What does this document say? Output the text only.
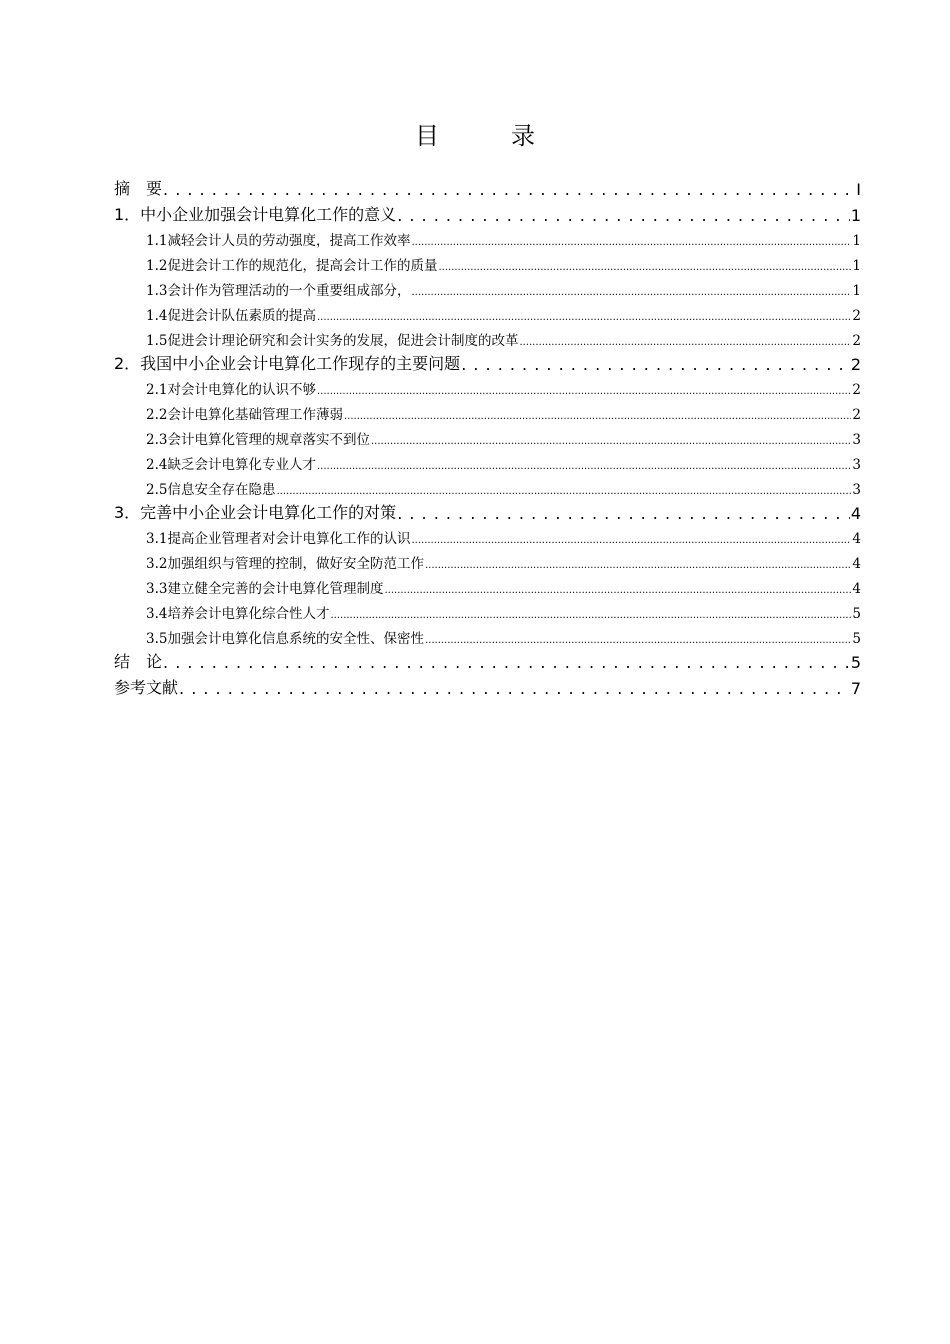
目录
摘　要 . . .	I
1．中小企业加强会计电算化工作的意义 . . .	1
1.1减轻会计人员的劳动强度，提高工作效率 .....	1
1.2促进会计工作的规范化，提高会计工作的质量 .....	1
1.3会计作为管理活动的一个重要组成部分， .....	1
1.4促进会计队伍素质的提高 .....	2
1.5促进会计理论研究和会计实务的发展，促进会计制度的改革 .....	2
2．我国中小企业会计电算化工作现存的主要问题 . . .	2
2.1对会计电算化的认识不够 .....	2
2.2会计电算化基础管理工作薄弱 .....	2
2.3会计电算化管理的规章落实不到位 .....	3
2.4缺乏会计电算化专业人才 .....	3
2.5信息安全存在隐患 .....	3
3．完善中小企业会计电算化工作的对策 . . .	4
3.1提高企业管理者对会计电算化工作的认识 .....	4
3.2加强组织与管理的控制，做好安全防范工作 .....	4
3.3建立健全完善的会计电算化管理制度 .....	4
3.4培养会计电算化综合性人才 .....	5
3.5加强会计电算化信息系统的安全性、保密性 .....	5
结　论 . . .	5
参考文献 . . .	7
